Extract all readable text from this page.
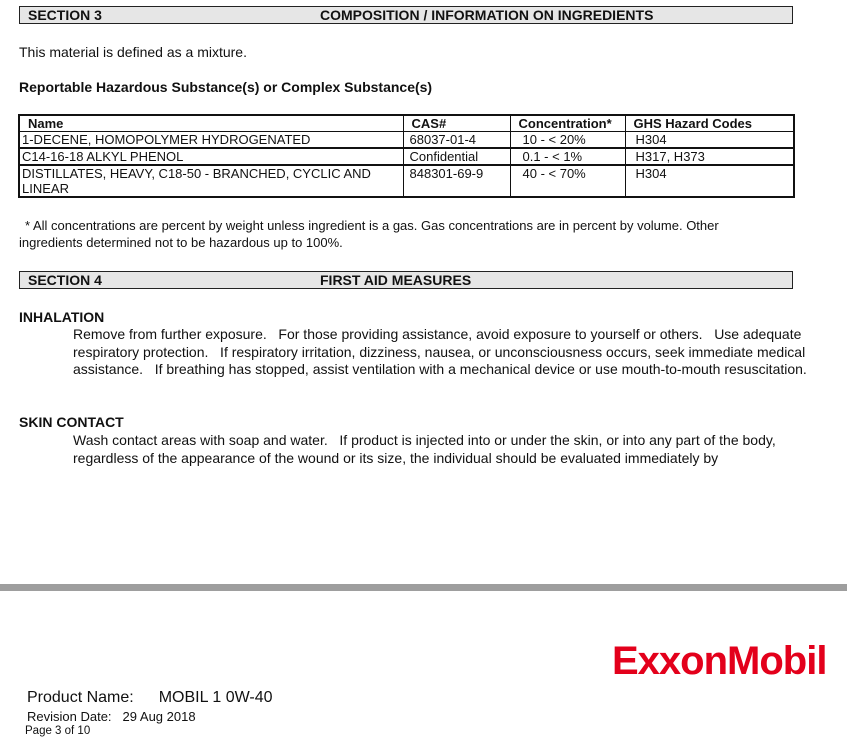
SECTION 3	COMPOSITION / INFORMATION ON INGREDIENTS
This material is defined as a mixture.
Reportable Hazardous Substance(s) or Complex Substance(s)
Name	CAS#	Concentration*	GHS Hazard Codes
1-DECENE, HOMOPOLYMER HYDROGENATED	68037-01-4	10 - < 20%	H304
C14-16-18 ALKYL PHENOL	Confidential	0.1 - < 1%	H317, H373
DISTILLATES, HEAVY, C18-50 - BRANCHED, CYCLIC AND LINEAR	848301-69-9	40 - < 70%	H304
* All concentrations are percent by weight unless ingredient is a gas. Gas concentrations are in percent by volume. Other ingredients determined not to be hazardous up to 100%.
SECTION 4	FIRST AID MEASURES
INHALATION
Remove from further exposure.   For those providing assistance, avoid exposure to yourself or others.   Use adequate respiratory protection.   If respiratory irritation, dizziness, nausea, or unconsciousness occurs, seek immediate medical assistance.   If breathing has stopped, assist ventilation with a mechanical device or use mouth-to-mouth resuscitation.
SKIN CONTACT
Wash contact areas with soap and water.   If product is injected into or under the skin, or into any part of the body, regardless of the appearance of the wound or its size, the individual should be evaluated immediately by
ExxonMobil
Product Name: MOBIL 1 0W-40
Revision Date: 29 Aug 2018
Page 3 of 10
